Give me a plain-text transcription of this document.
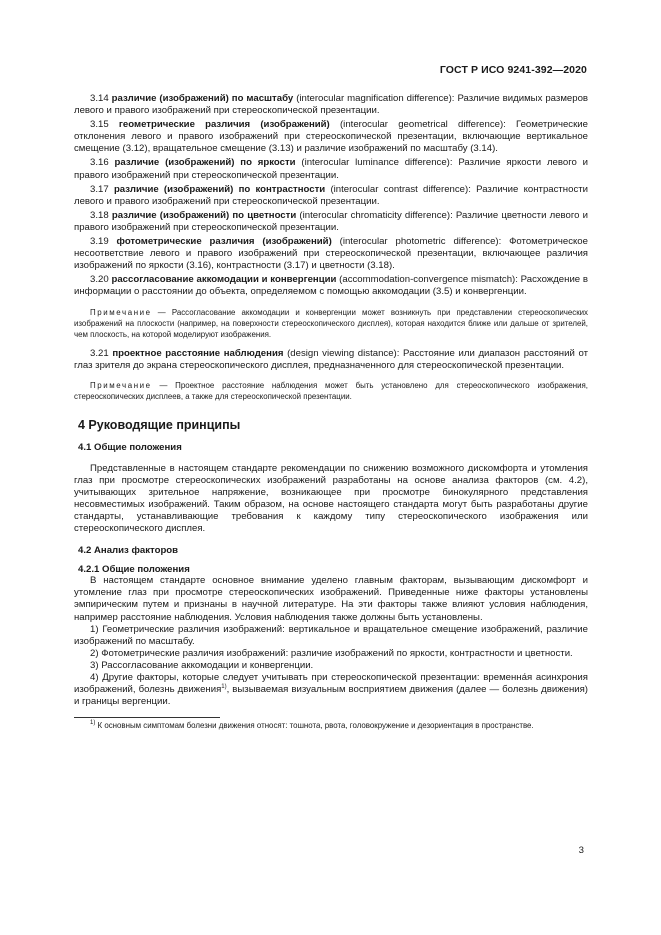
ГОСТ Р ИСО 9241-392—2020

3.14 различие (изображений) по масштабу (interocular magnification difference): Различие видимых размеров левого и правого изображений при стереоскопической презентации.

3.15 геометрические различия (изображений) (interocular geometrical difference): Геометрические отклонения левого и правого изображений при стереоскопической презентации, включающие вертикальное смещение (3.12), вращательное смещение (3.13) и различие изображений по масштабу (3.14).

3.16 различие (изображений) по яркости (interocular luminance difference): Различие яркости левого и правого изображений при стереоскопической презентации.

3.17 различие (изображений) по контрастности (interocular contrast difference): Различие контрастности левого и правого изображений при стереоскопической презентации.

3.18 различие (изображений) по цветности (interocular chromaticity difference): Различие цветности левого и правого изображений при стереоскопической презентации.

3.19 фотометрические различия (изображений) (interocular photometric difference): Фотометрическое несоответствие левого и правого изображений при стереоскопической презентации, включающее различия изображений по яркости (3.16), контрастности (3.17) и цветности (3.18).

3.20 рассогласование аккомодации и конвергенции (accommodation-convergence mismatch): Расхождение в информации о расстоянии до объекта, определяемом с помощью аккомодации (3.5) и конвергенции.

Примечание — Рассогласование аккомодации и конвергенции может возникнуть при представлении стереоскопических изображений на плоскости (например, на поверхности стереоскопического дисплея), которая находится ближе или дальше от зрителей, чем плоскость, на которой моделируют изображения.

3.21 проектное расстояние наблюдения (design viewing distance): Расстояние или диапазон расстояний от глаз зрителя до экрана стереоскопического дисплея, предназначенного для стереоскопической презентации.

Примечание — Проектное расстояние наблюдения может быть установлено для стереоскопического изображения, стереоскопических дисплеев, а также для стереоскопической презентации.

4 Руководящие принципы
4.1 Общие положения

Представленные в настоящем стандарте рекомендации по снижению возможного дискомфорта и утомления глаз при просмотре стереоскопических изображений разработаны на основе анализа факторов (см. 4.2), учитывающих зрительное напряжение, возникающее при просмотре бинокулярного представления несовместимых изображений. Таким образом, на основе настоящего стандарта могут быть разработаны другие стандарты, устанавливающие требования к каждому типу стереоскопического изображения или стереоскопического дисплея.

4.2 Анализ факторов
4.2.1 Общие положения

В настоящем стандарте основное внимание уделено главным факторам, вызывающим дискомфорт и утомление глаз при просмотре стереоскопических изображений. Приведенные ниже факторы установлены эмпирическим путем и признаны в научной литературе. На эти факторы также влияют условия наблюдения, например расстояние наблюдения. Условия наблюдения также должны быть установлены.

1) Геометрические различия изображений: вертикальное и вращательное смещение изображений, различие изображений по масштабу.

2) Фотометрические различия изображений: различие изображений по яркости, контрастности и цветности.

3) Рассогласование аккомодации и конвергенции.

4) Другие факторы, которые следует учитывать при стереоскопической презентации: временна́я асинхрония изображений, болезнь движения$^{1)}$, вызываемая визуальным восприятием движения (далее — болезнь движения) и границы вергенции.

$^{1)}$ К основным симптомам болезни движения относят: тошнота, рвота, головокружение и дезориентация в пространстве.

3
